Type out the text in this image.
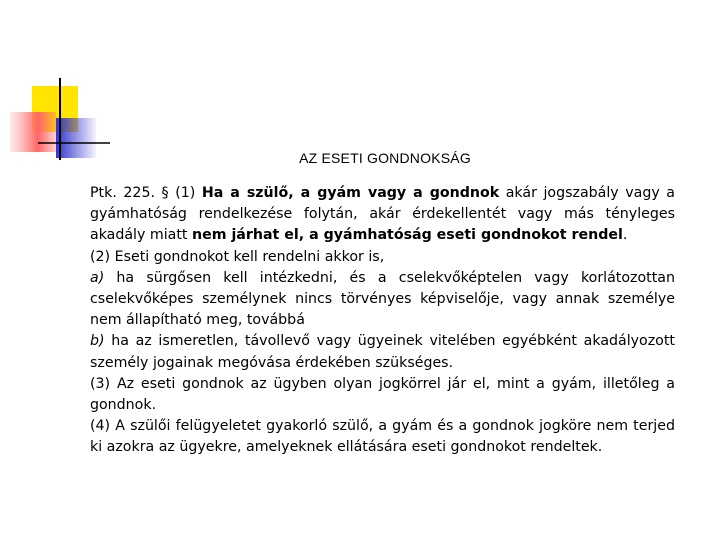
AZ ESETI GONDNOKSÁG

Ptk. 225. § (1) Ha a szülő, a gyám vagy a gondnok akár jogszabály vagy a gyámhatóság rendelkezése folytán, akár érdekellentét vagy más tényleges akadály miatt nem járhat el, a gyámhatóság eseti gondnokot rendel.

(2) Eseti gondnokot kell rendelni akkor is,

a) ha sürgősen kell intézkedni, és a cselekvőképtelen vagy korlátozottan cselekvőképes személynek nincs törvényes képviselője, vagy annak személye nem állapítható meg, továbbá

b) ha az ismeretlen, távollevő vagy ügyeinek vitelében egyébként akadályozott személy jogainak megóvása érdekében szükséges.

(3) Az eseti gondnok az ügyben olyan jogkörrel jár el, mint a gyám, illetőleg a gondnok.

(4) A szülői felügyeletet gyakorló szülő, a gyám és a gondnok jogköre nem terjed ki azokra az ügyekre, amelyeknek ellátására eseti gondnokot rendeltek.
